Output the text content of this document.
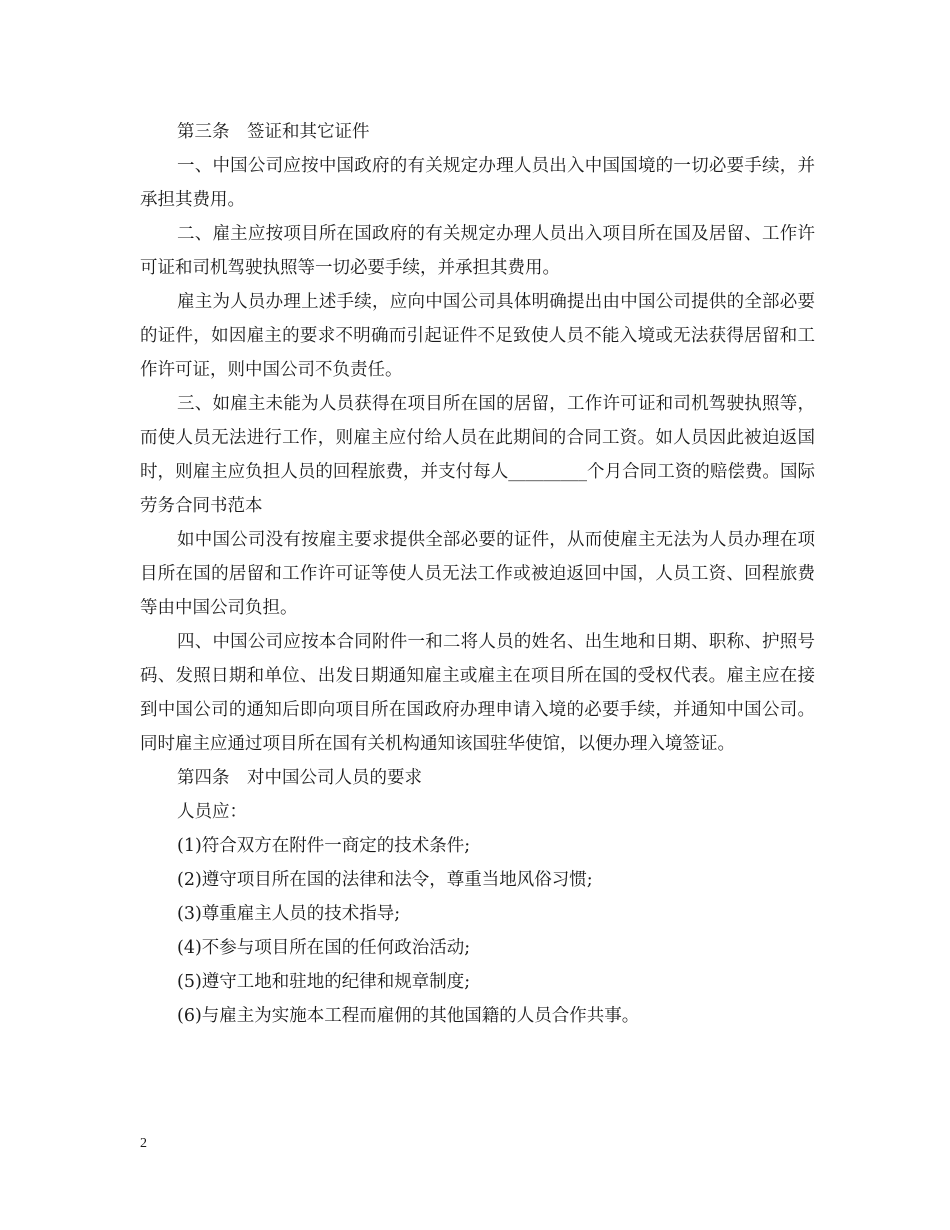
第三条　签证和其它证件

一、中国公司应按中国政府的有关规定办理人员出入中国国境的一切必要手续，并承担其费用。

二、雇主应按项目所在国政府的有关规定办理人员出入项目所在国及居留、工作许可证和司机驾驶执照等一切必要手续，并承担其费用。

雇主为人员办理上述手续，应向中国公司具体明确提出由中国公司提供的全部必要的证件，如因雇主的要求不明确而引起证件不足致使人员不能入境或无法获得居留和工作许可证，则中国公司不负责任。

三、如雇主未能为人员获得在项目所在国的居留，工作许可证和司机驾驶执照等，而使人员无法进行工作，则雇主应付给人员在此期间的合同工资。如人员因此被迫返国时，则雇主应负担人员的回程旅费，并支付每人_________个月合同工资的赔偿费。国际劳务合同书范本

如中国公司没有按雇主要求提供全部必要的证件，从而使雇主无法为人员办理在项目所在国的居留和工作许可证等使人员无法工作或被迫返回中国，人员工资、回程旅费等由中国公司负担。

四、中国公司应按本合同附件一和二将人员的姓名、出生地和日期、职称、护照号码、发照日期和单位、出发日期通知雇主或雇主在项目所在国的受权代表。雇主应在接到中国公司的通知后即向项目所在国政府办理申请入境的必要手续，并通知中国公司。同时雇主应通过项目所在国有关机构通知该国驻华使馆，以便办理入境签证。

第四条　对中国公司人员的要求

人员应：

(1)符合双方在附件一商定的技术条件;

(2)遵守项目所在国的法律和法令，尊重当地风俗习惯;

(3)尊重雇主人员的技术指导;

(4)不参与项目所在国的任何政治活动;

(5)遵守工地和驻地的纪律和规章制度;

(6)与雇主为实施本工程而雇佣的其他国籍的人员合作共事。

2
